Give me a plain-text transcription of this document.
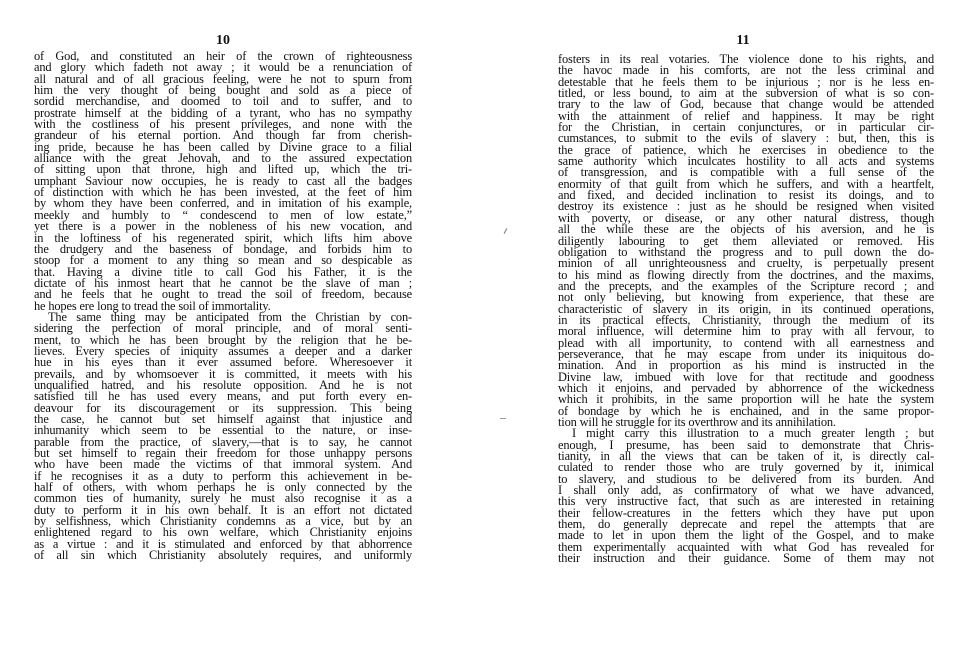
10
of God, and constituted an heir of the crown of righteousness
and glory which fadeth not away ; it would be a renunciation of
all natural and of all gracious feeling, were he not to spurn from
him the very thought of being bought and sold as a piece of
sordid merchandise, and doomed to toil and to suffer, and to
prostrate himself at the bidding of a tyrant, who has no sympathy
with the costliness of his present privileges, and none with the
grandeur of his eternal portion. And though far from cherish-
ing pride, because he has been called by Divine grace to a filial
alliance with the great Jehovah, and to the assured expectation
of sitting upon that throne, high and lifted up, which the tri-
umphant Saviour now occupies, he is ready to cast all the badges
of distinction with which he has been invested, at the feet of him
by whom they have been conferred, and in imitation of his example,
meekly and humbly to “ condescend to men of low estate,”
yet there is a power in the nobleness of his new vocation, and
in the loftiness of his regenerated spirit, which lifts him above
the drudgery and the baseness of bondage, and forbids him to
stoop for a moment to any thing so mean and so despicable as
that. Having a divine title to call God his Father, it is the
dictate of his inmost heart that he cannot be the slave of man ;
and he feels that he ought to tread the soil of freedom, because
he hopes ere long to tread the soil of immortality.
The same thing may be anticipated from the Christian by con-
sidering the perfection of moral principle, and of moral senti-
ment, to which he has been brought by the religion that he be-
lieves. Every species of iniquity assumes a deeper and a darker
hue in his eyes than it ever assumed before. Wheresoever it
prevails, and by whomsoever it is committed, it meets with his
unqualified hatred, and his resolute opposition. And he is not
satisfied till he has used every means, and put forth every en-
deavour for its discouragement or its suppression. This being
the case, he cannot but set himself against that injustice and
inhumanity which seem to be essential to the nature, or inse-
parable from the practice, of slavery,—that is to say, he cannot
but set himself to regain their freedom for those unhappy persons
who have been made the victims of that immoral system. And
if he recognises it as a duty to perform this achievement in be-
half of others, with whom perhaps he is only connected by the
common ties of humanity, surely he must also recognise it as a
duty to perform it in his own behalf. It is an effort not dictated
by selfishness, which Christianity condemns as a vice, but by an
enlightened regard to his own welfare, which Christianity enjoins
as a virtue : and it is stimulated and enforced by that abhorrence
of all sin which Christianity absolutely requires, and uniformly
11
fosters in its real votaries. The violence done to his rights, and
the havoc made in his comforts, are not the less criminal and
detestable that he feels them to be injurious ; nor is he less en-
titled, or less bound, to aim at the subversion of what is so con-
trary to the law of God, because that change would be attended
with the attainment of relief and happiness. It may be right
for the Christian, in certain conjunctures, or in particular cir-
cumstances, to submit to the evils of slavery : but, then, this is
the grace of patience, which he exercises in obedience to the
same authority which inculcates hostility to all acts and systems
of transgression, and is compatible with a full sense of the
enormity of that guilt from which he suffers, and with a heartfelt,
and fixed, and decided inclination to resist its doings, and to
destroy its existence : just as he should be resigned when visited
with poverty, or disease, or any other natural distress, though
all the while these are the objects of his aversion, and he is
diligently labouring to get them alleviated or removed. His
obligation to withstand the progress and to pull down the do-
minion of all unrighteousness and cruelty, is perpetually present
to his mind as flowing directly from the doctrines, and the maxims,
and the precepts, and the examples of the Scripture record ; and
not only believing, but knowing from experience, that these are
characteristic of slavery in its origin, in its continued operations,
in its practical effects, Christianity, through the medium of its
moral influence, will determine him to pray with all fervour, to
plead with all importunity, to contend with all earnestness and
perseverance, that he may escape from under its iniquitous do-
mination. And in proportion as his mind is instructed in the
Divine law, imbued with love for that rectitude and goodness
which it enjoins, and pervaded by abhorrence of the wickedness
which it prohibits, in the same proportion will he hate the system
of bondage by which he is enchained, and in the same propor-
tion will he struggle for its overthrow and its annihilation.
I might carry this illustration to a much greater length ; but
enough, I presume, has been said to demonstrate that Chris-
tianity, in all the views that can be taken of it, is directly cal-
culated to render those who are truly governed by it, inimical
to slavery, and studious to be delivered from its burden. And
I shall only add, as confirmatory of what we have advanced,
this very instructive fact, that such as are interested in retaining
their fellow-creatures in the fetters which they have put upon
them, do generally deprecate and repel the attempts that are
made to let in upon them the light of the Gospel, and to make
them experimentally acquainted with what God has revealed for
their instruction and their guidance. Some of them may not
